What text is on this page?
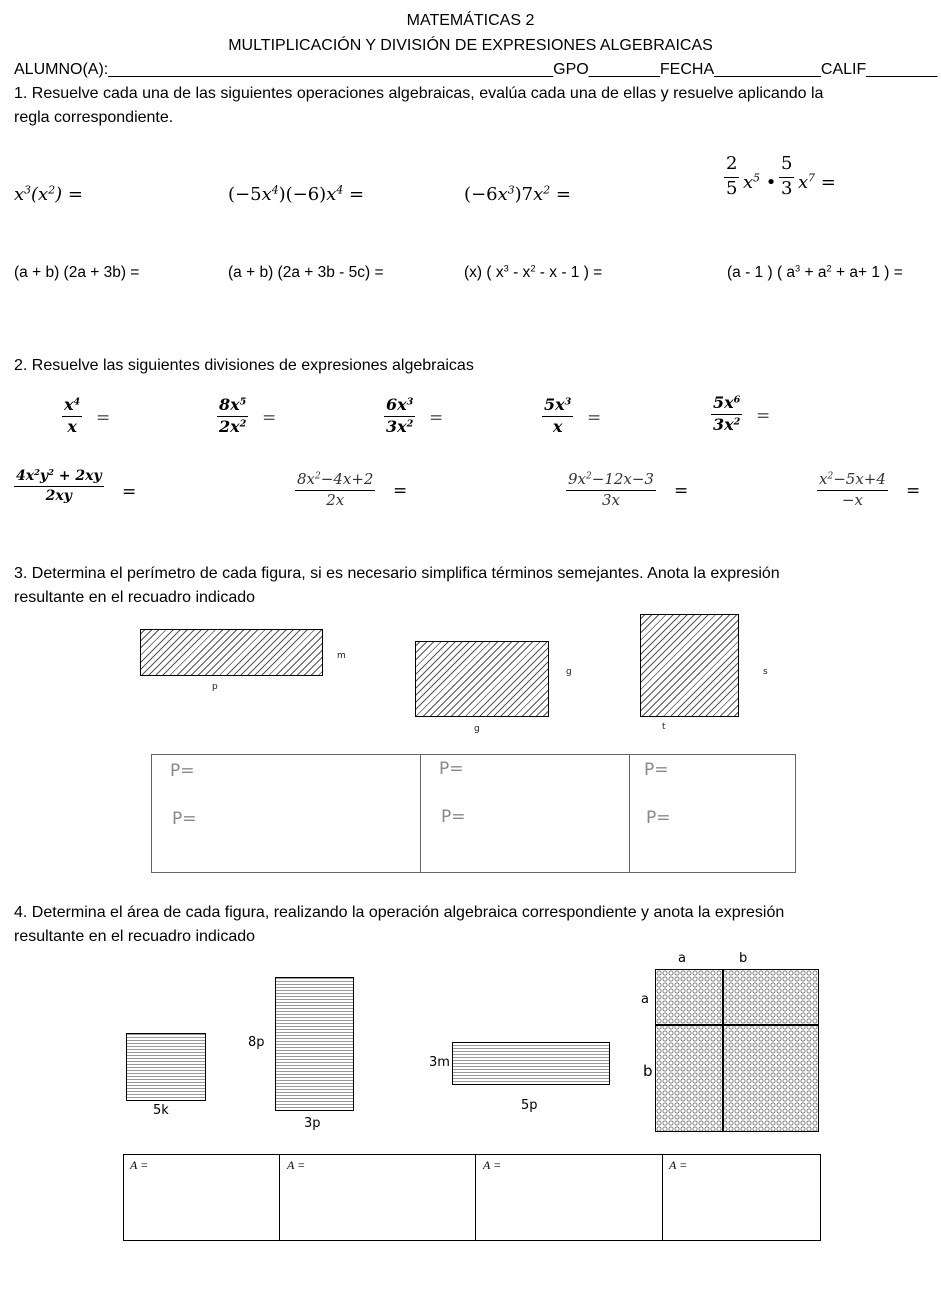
MATEMÁTICAS 2
MULTIPLICACIÓN Y DIVISIÓN DE EXPRESIONES ALGEBRAICAS
ALUMNO(A):__________________________________________________GPO________FECHA____________CALIF________
1. Resuelve cada una de las siguientes operaciones algebraicas, evalúa cada una de ellas y resuelve aplicando la
regla correspondiente.
$x^3(x^2)$ =	$(-5x^4)(-6)x^4$ =	$(-6x^3)7x^2$ =	$\frac{2}{5} x^5$ • $\frac{5}{3} x^7$ =
(a + b) (2a + 3b) =	(a + b) (2a + 3b - 5c) =	(x) ( $x^3 - x^2$ - x - 1 ) =	(a - 1 ) ( $a^3 + a^2 + a+ 1$ ) =
2. Resuelve las siguientes divisiones de expresiones algebraicas
$\frac{x^4}{x}$ =	$\frac{8x^5}{2x^2}$ =	$\frac{6x^3}{3x^2}$ =	$\frac{5x^3}{x}$ =	$\frac{5x^6}{3x^2}$ =
$\frac{4x^2y^2 + 2xy}{2xy}$ =	$\frac{8x^2-4x+2}{2x}$ =	$\frac{9x^2-12x-3}{3x}$ =	$\frac{x^2-5x+4}{-x}$ =
3. Determina el perímetro de cada figura, si es necesario simplifica términos semejantes. Anota la expresión
resultante en el recuadro indicado
m
p
g
g
s
t
P=
P=

P=
P=

P=
P=
4. Determina el área de cada figura, realizando la operación algebraica correspondiente y anota la expresión
resultante en el recuadro indicado
5k
8p
3p
3m
5p
a	b
a
b
A =	A =	A =	A =
